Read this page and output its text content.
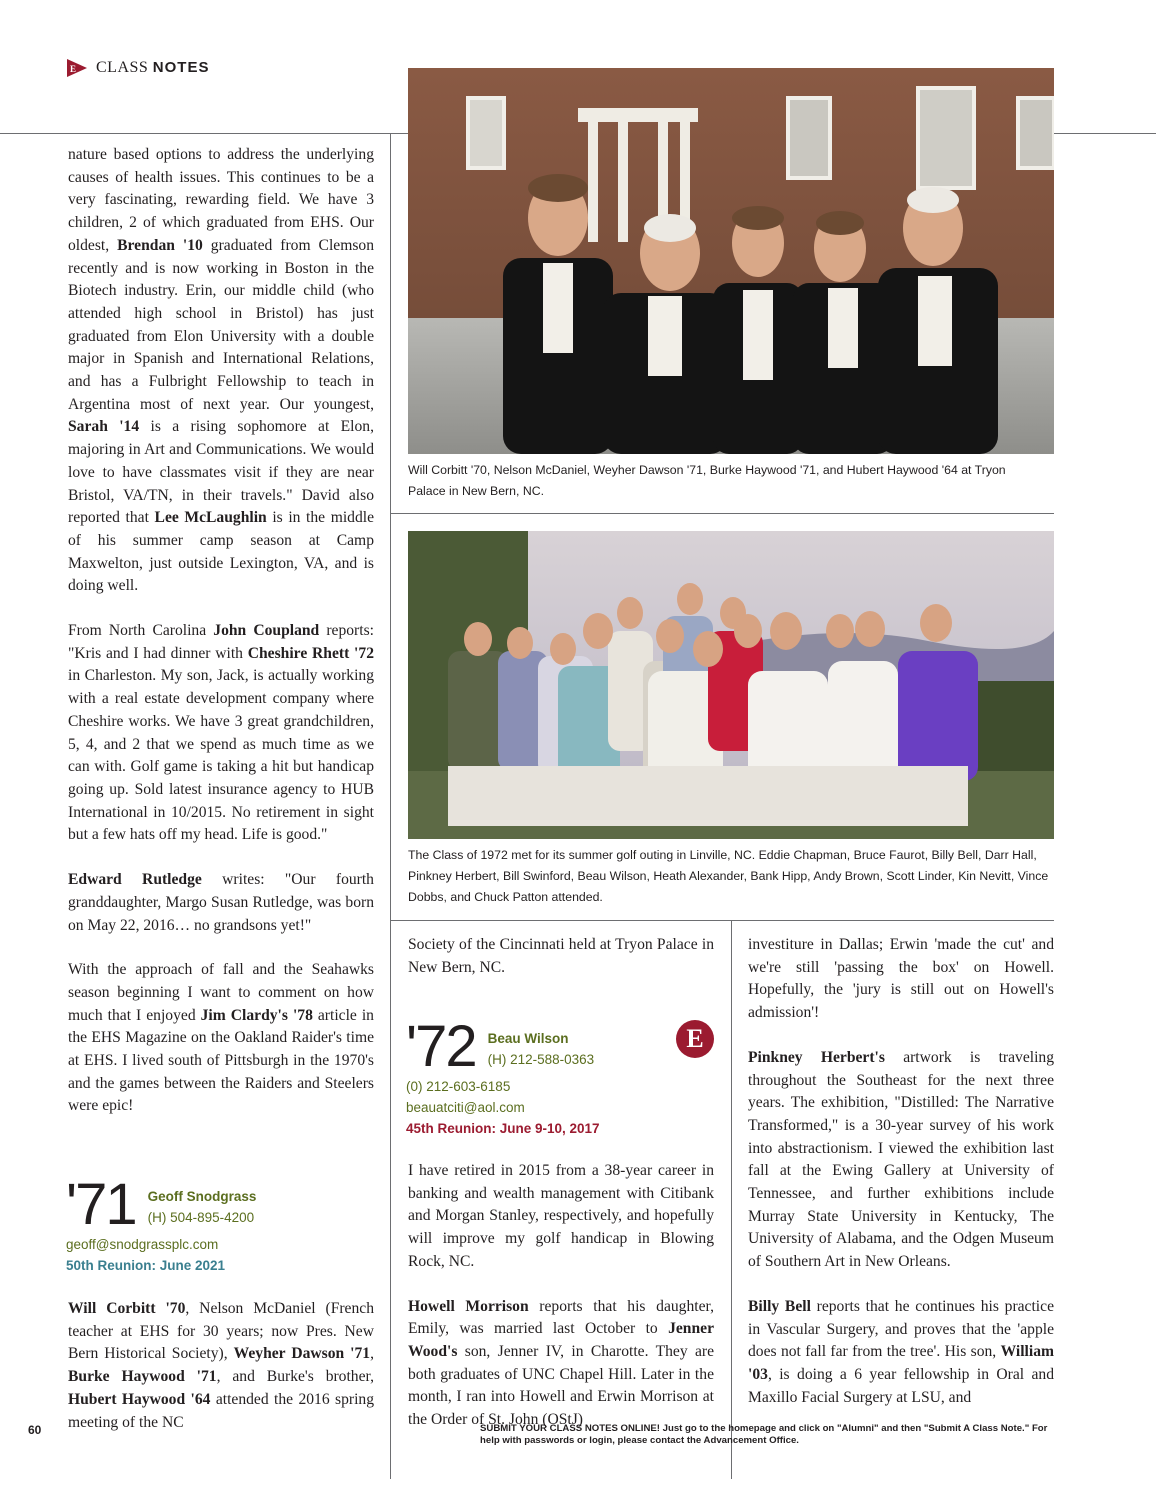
E CLASS NOTES

nature based options to address the underlying causes of health issues. This continues to be a very fascinating, rewarding field. We have 3 children, 2 of which graduated from EHS. Our oldest, Brendan '10 graduated from Clemson recently and is now working in Boston in the Biotech industry. Erin, our middle child (who attended high school in Bristol) has just graduated from Elon University with a double major in Spanish and International Relations, and has a Fulbright Fellowship to teach in Argentina most of next year. Our youngest, Sarah '14 is a rising sophomore at Elon, majoring in Art and Communications. We would love to have classmates visit if they are near Bristol, VA/TN, in their travels." David also reported that Lee McLaughlin is in the middle of his summer camp season at Camp Maxwelton, just outside Lexington, VA, and is doing well.

From North Carolina John Coupland reports: "Kris and I had dinner with Cheshire Rhett '72 in Charleston. My son, Jack, is actually working with a real estate development company where Cheshire works. We have 3 great grandchildren, 5, 4, and 2 that we spend as much time as we can with. Golf game is taking a hit but handicap going up. Sold latest insurance agency to HUB International in 10/2015. No retirement in sight but a few hats off my head. Life is good."

Edward Rutledge writes: "Our fourth granddaughter, Margo Susan Rutledge, was born on May 22, 2016… no grandsons yet!"

With the approach of fall and the Seahawks season beginning I want to comment on how much that I enjoyed Jim Clardy's '78 article in the EHS Magazine on the Oakland Raider's time at EHS. I lived south of Pittsburgh in the 1970's and the games between the Raiders and Steelers were epic!

'71 Geoff Snodgrass
(H) 504-895-4200
geoff@snodgrassplc.com
50th Reunion: June 2021

Will Corbitt '70, Nelson McDaniel (French teacher at EHS for 30 years; now Pres. New Bern Historical Society), Weyher Dawson '71, Burke Haywood '71, and Burke's brother, Hubert Haywood '64 attended the 2016 spring meeting of the NC

Will Corbitt '70, Nelson McDaniel, Weyher Dawson '71, Burke Haywood '71, and Hubert Haywood '64 at Tryon Palace in New Bern, NC.
The Class of 1972 met for its summer golf outing in Linville, NC. Eddie Chapman, Bruce Faurot, Billy Bell, Darr Hall, Pinkney Herbert, Bill Swinford, Beau Wilson, Heath Alexander, Bank Hipp, Andy Brown, Scott Linder, Kin Nevitt, Vince Dobbs, and Chuck Patton attended.

Society of the Cincinnati held at Tryon Palace in New Bern, NC.

'72 Beau Wilson
(H) 212-588-0363
(0) 212-603-6185
beauatciti@aol.com
45th Reunion: June 9-10, 2017
E

I have retired in 2015 from a 38-year career in banking and wealth management with Citibank and Morgan Stanley, respectively, and hopefully will improve my golf handicap in Blowing Rock, NC.

Howell Morrison reports that his daughter, Emily, was married last October to Jenner Wood's son, Jenner IV, in Charotte. They are both graduates of UNC Chapel Hill. Later in the month, I ran into Howell and Erwin Morrison at the Order of St. John (OStJ)

investiture in Dallas; Erwin 'made the cut' and we're still 'passing the box' on Howell. Hopefully, the 'jury is still out on Howell's admission'!

Pinkney Herbert's artwork is traveling throughout the Southeast for the next three years. The exhibition, "Distilled: The Narrative Transformed," is a 30-year survey of his work into abstractionism. I viewed the exhibition last fall at the Ewing Gallery at University of Tennessee, and further exhibitions include Murray State University in Kentucky, The University of Alabama, and the Odgen Museum of Southern Art in New Orleans.

Billy Bell reports that he continues his practice in Vascular Surgery, and proves that the 'apple does not fall far from the tree'. His son, William '03, is doing a 6 year fellowship in Oral and Maxillo Facial Surgery at LSU, and

60	SUBMIT YOUR CLASS NOTES ONLINE! Just go to the homepage and click on "Alumni" and then "Submit A Class Note." For help with passwords or login, please contact the Advancement Office.
